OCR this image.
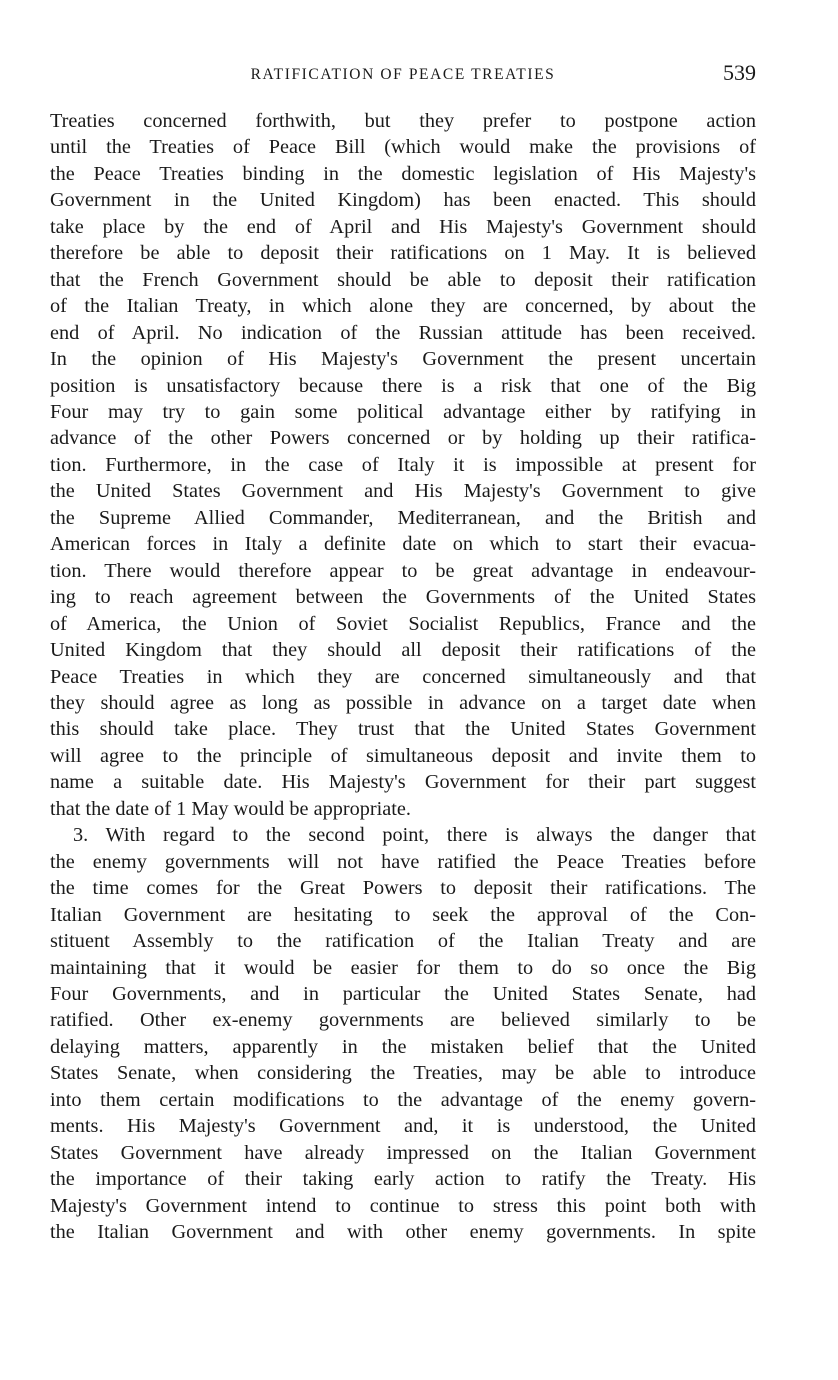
RATIFICATION OF PEACE TREATIES	539
Treaties concerned forthwith, but they prefer to postpone action
until the Treaties of Peace Bill (which would make the provisions of
the Peace Treaties binding in the domestic legislation of His Majesty's
Government in the United Kingdom) has been enacted. This should
take place by the end of April and His Majesty's Government should
therefore be able to deposit their ratifications on 1 May. It is believed
that the French Government should be able to deposit their ratification
of the Italian Treaty, in which alone they are concerned, by about the
end of April. No indication of the Russian attitude has been received.
In the opinion of His Majesty's Government the present uncertain
position is unsatisfactory because there is a risk that one of the Big
Four may try to gain some political advantage either by ratifying in
advance of the other Powers concerned or by holding up their ratifica-
tion. Furthermore, in the case of Italy it is impossible at present for
the United States Government and His Majesty's Government to give
the Supreme Allied Commander, Mediterranean, and the British and
American forces in Italy a definite date on which to start their evacua-
tion. There would therefore appear to be great advantage in endeavour-
ing to reach agreement between the Governments of the United States
of America, the Union of Soviet Socialist Republics, France and the
United Kingdom that they should all deposit their ratifications of the
Peace Treaties in which they are concerned simultaneously and that
they should agree as long as possible in advance on a target date when
this should take place. They trust that the United States Government
will agree to the principle of simultaneous deposit and invite them to
name a suitable date. His Majesty's Government for their part suggest
that the date of 1 May would be appropriate.
3. With regard to the second point, there is always the danger that
the enemy governments will not have ratified the Peace Treaties before
the time comes for the Great Powers to deposit their ratifications. The
Italian Government are hesitating to seek the approval of the Con-
stituent Assembly to the ratification of the Italian Treaty and are
maintaining that it would be easier for them to do so once the Big
Four Governments, and in particular the United States Senate, had
ratified. Other ex-enemy governments are believed similarly to be
delaying matters, apparently in the mistaken belief that the United
States Senate, when considering the Treaties, may be able to introduce
into them certain modifications to the advantage of the enemy govern-
ments. His Majesty's Government and, it is understood, the United
States Government have already impressed on the Italian Government
the importance of their taking early action to ratify the Treaty. His
Majesty's Government intend to continue to stress this point both with
the Italian Government and with other enemy governments. In spite
